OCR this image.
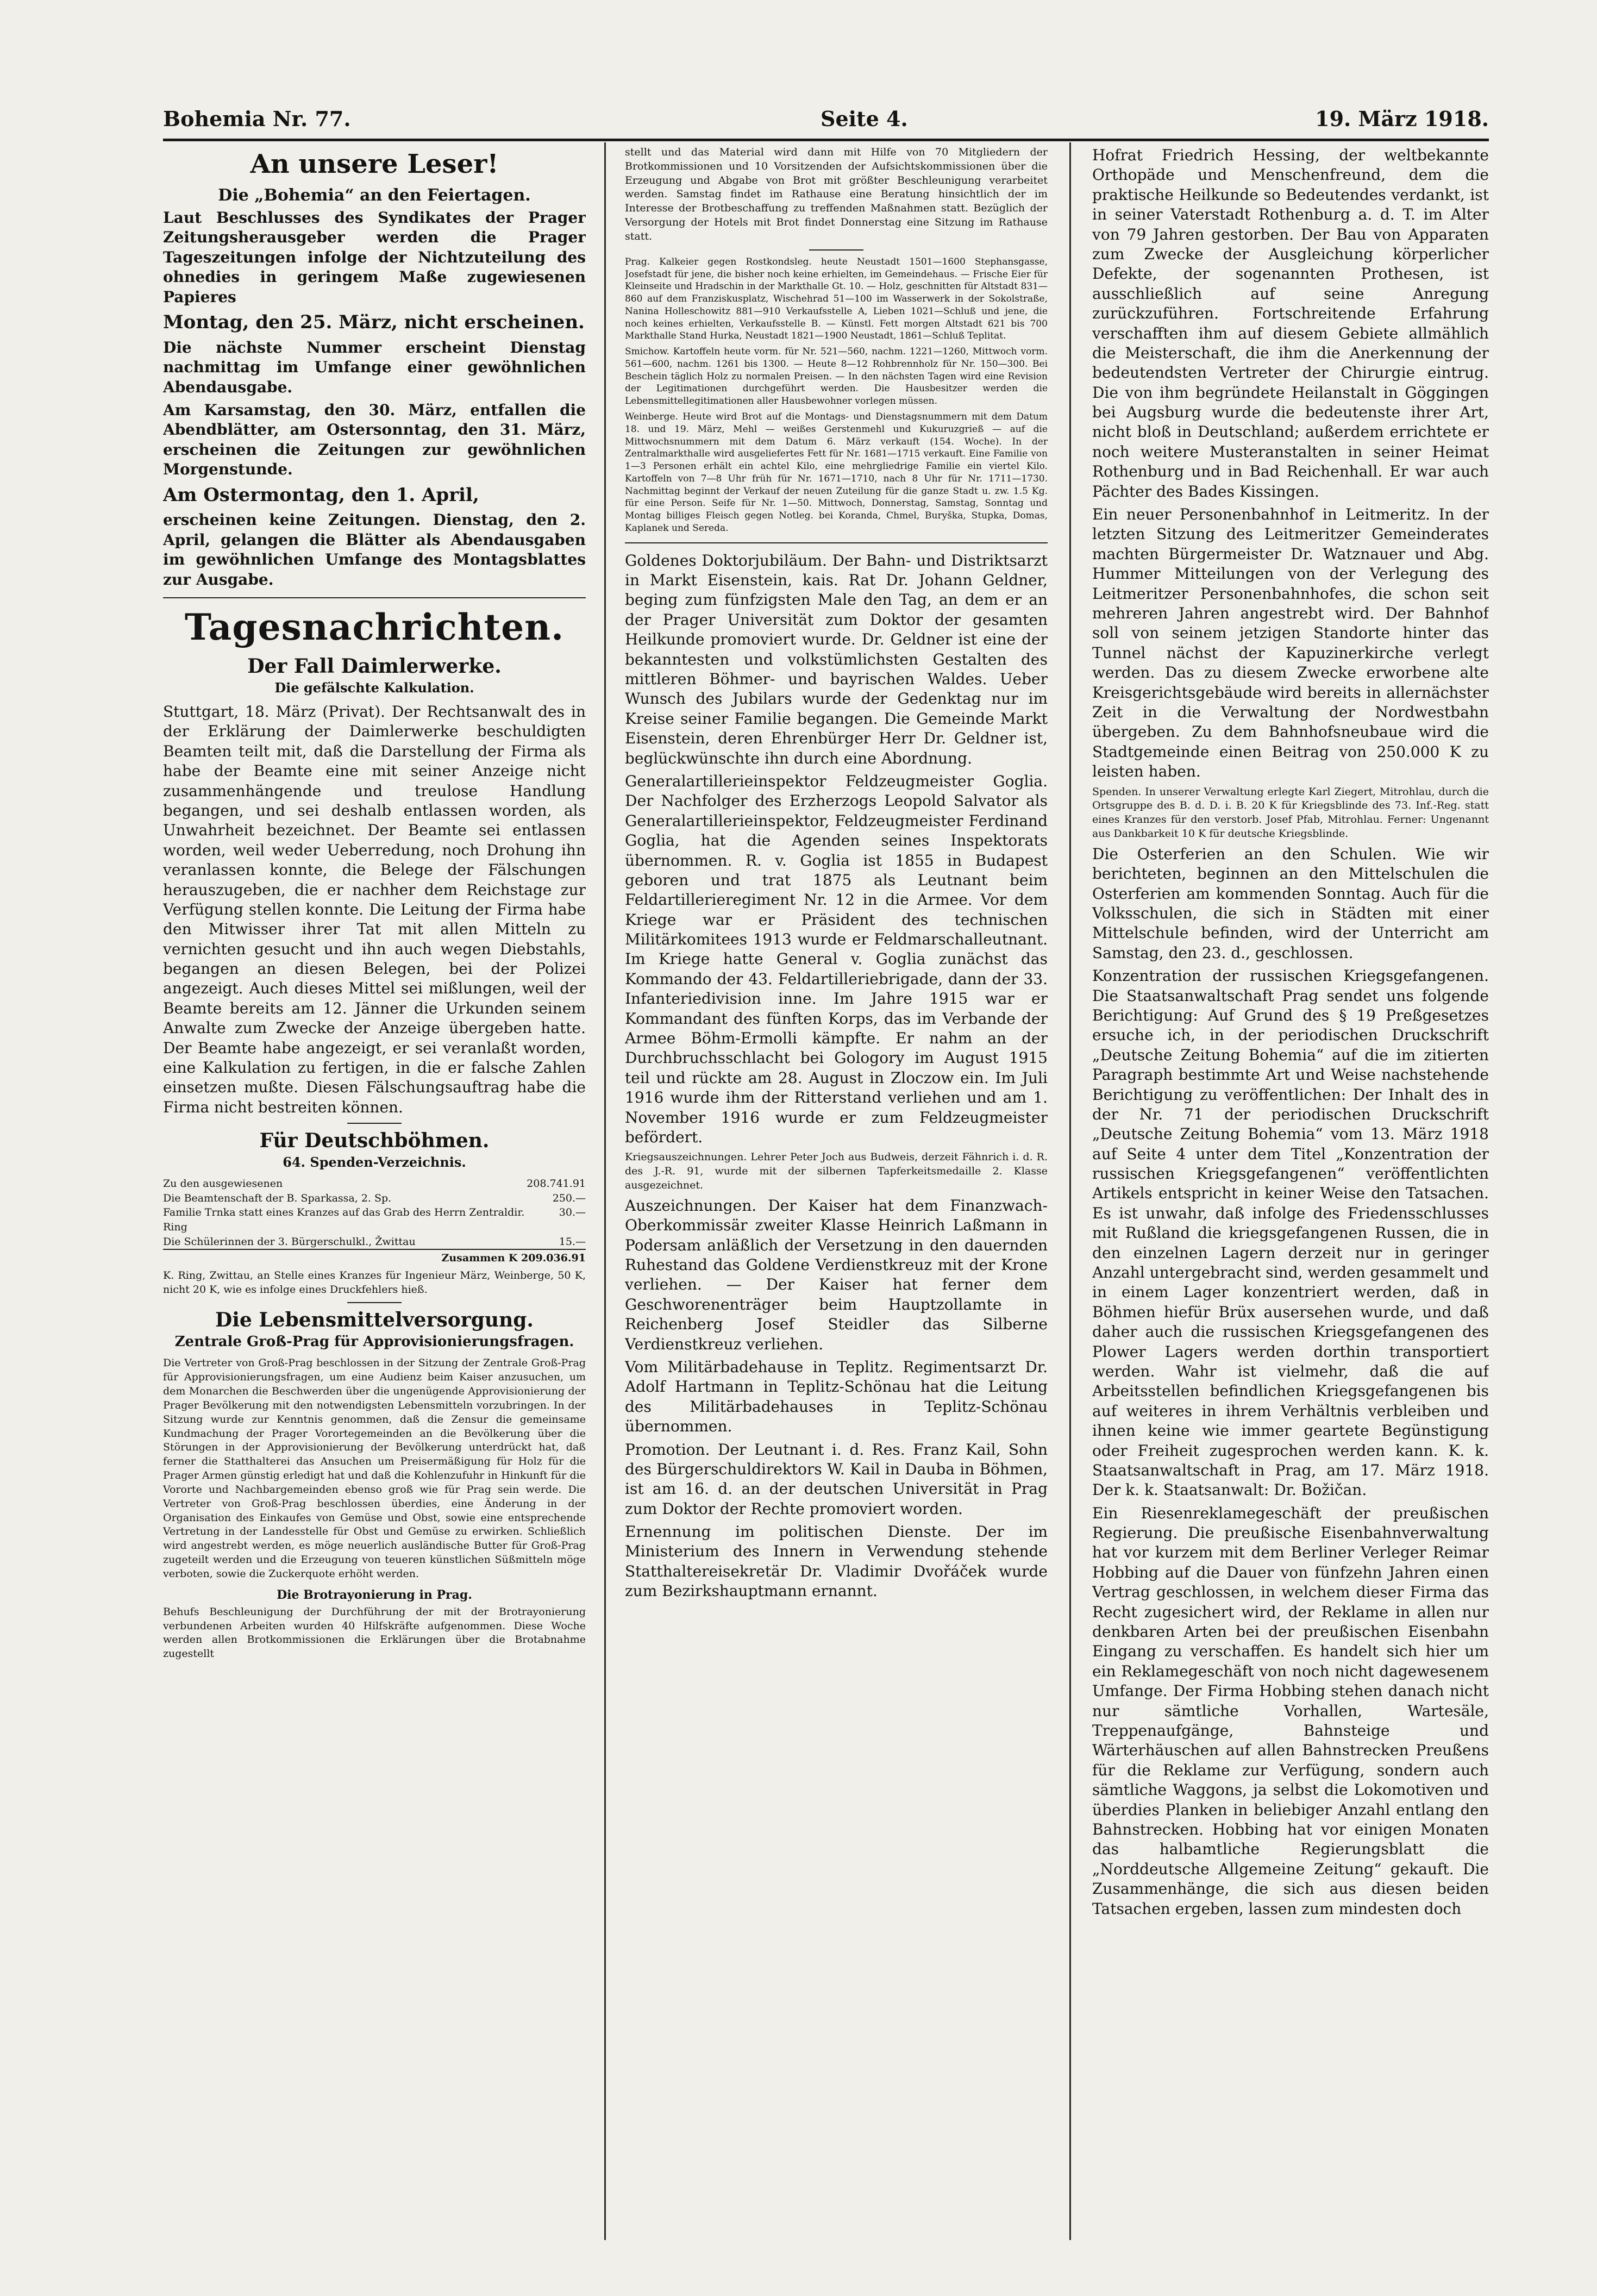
Bohemia Nr. 77.	Seite 4.	19. März 1918.
An unsere Leser!
Die „Bohemia“ an den Feiertagen.

Laut Beschlusses des Syndikates der Prager Zeitungsherausgeber werden die Prager Tageszeitungen infolge der Nichtzuteilung des ohnedies in geringem Maße zugewiesenen Papieres

Montag, den 25. März, nicht erscheinen.

Die nächste Nummer erscheint Dienstag nachmittag im Umfange einer gewöhnlichen Abendausgabe.

Am Karsamstag, den 30. März, entfallen die Abendblätter, am Ostersonntag, den 31. März, erscheinen die Zeitungen zur gewöhnlichen Morgenstunde.

Am Ostermontag, den 1. April,

erscheinen keine Zeitungen. Dienstag, den 2. April, gelangen die Blätter als Abendausgaben im gewöhnlichen Umfange des Montagsblattes zur Ausgabe.

Tagesnachrichten.
Der Fall Daimlerwerke.
Die gefälschte Kalkulation.

Stuttgart, 18. März (Privat). Der Rechtsanwalt des in der Erklärung der Daimlerwerke beschuldigten Beamten teilt mit, daß die Darstellung der Firma als habe der Beamte eine mit seiner Anzeige nicht zusammenhängende und treulose Handlung begangen, und sei deshalb entlassen worden, als Unwahrheit bezeichnet. Der Beamte sei entlassen worden, weil weder Ueberredung, noch Drohung ihn veranlassen konnte, die Belege der Fälschungen herauszugeben, die er nachher dem Reichstage zur Verfügung stellen konnte. Die Leitung der Firma habe den Mitwisser ihrer Tat mit allen Mitteln zu vernichten gesucht und ihn auch wegen Diebstahls, begangen an diesen Belegen, bei der Polizei angezeigt. Auch dieses Mittel sei mißlungen, weil der Beamte bereits am 12. Jänner die Urkunden seinem Anwalte zum Zwecke der Anzeige übergeben hatte. Der Beamte habe angezeigt, er sei veranlaßt worden, eine Kalkulation zu fertigen, in die er falsche Zahlen einsetzen mußte. Diesen Fälschungsauftrag habe die Firma nicht bestreiten können.

Für Deutschböhmen.
64. Spenden-Verzeichnis.
Zu den ausgewiesenen	208.741.91
Die Beamtenschaft der B. Sparkassa, 2. Sp.	250.—
Familie Trnka statt eines Kranzes auf das Grab des Herrn Zentraldir. Ring
30.—
Die Schülerinnen der 3. Bürgerschulkl., Žwittau	15.—
Zusammen K 209.036.91

K. Ring, Zwittau, an Stelle eines Kranzes für Ingenieur März, Weinberge, 50 K, nicht 20 K, wie es infolge eines Druckfehlers hieß.

Die Lebensmittelversorgung.
Zentrale Groß-Prag für Approvisionierungsfragen.

Die Vertreter von Groß-Prag beschlossen in der Sitzung der Zentrale Groß-Prag für Approvisionierungsfragen, um eine Audienz beim Kaiser anzusuchen, um dem Monarchen die Beschwerden über die ungenügende Approvisionierung der Prager Bevölkerung mit den notwendigsten Lebensmitteln vorzubringen. In der Sitzung wurde zur Kenntnis genommen, daß die Zensur die gemeinsame Kundmachung der Prager Vorortegemeinden an die Bevölkerung über die Störungen in der Approvisionierung der Bevölkerung unterdrückt hat, daß ferner die Statthalterei das Ansuchen um Preisermäßigung für Holz für die Prager Armen günstig erledigt hat und daß die Kohlenzufuhr in Hinkunft für die Vororte und Nachbargemeinden ebenso groß wie für Prag sein werde. Die Vertreter von Groß-Prag beschlossen überdies, eine Änderung in der Organisation des Einkaufes von Gemüse und Obst, sowie eine entsprechende Vertretung in der Landesstelle für Obst und Gemüse zu erwirken. Schließlich wird angestrebt werden, es möge neuerlich ausländische Butter für Groß-Prag zugeteilt werden und die Erzeugung von teueren künstlichen Süßmitteln möge verboten, sowie die Zuckerquote erhöht werden.

Die Brotrayonierung in Prag.

Behufs Beschleunigung der Durchführung der mit der Brotrayonierung verbundenen Arbeiten wurden 40 Hilfskräfte aufgenommen. Diese Woche werden allen Brotkommissionen die Erklärungen über die Brotabnahme zugestellt

stellt und das Material wird dann mit Hilfe von 70 Mitgliedern der Brotkommissionen und 10 Vorsitzenden der Aufsichtskommissionen über die Erzeugung und Abgabe von Brot mit größter Beschleunigung verarbeitet werden. Samstag findet im Rathause eine Beratung hinsichtlich der im Interesse der Brotbeschaffung zu treffenden Maßnahmen statt. Bezüglich der Versorgung der Hotels mit Brot findet Donnerstag eine Sitzung im Rathause statt.

Prag. Kalkeier gegen Rostkondsleg. heute Neustadt 1501—1600 Stephansgasse, Josefstadt für jene, die bisher noch keine erhielten, im Gemeindehaus. — Frische Eier für Kleinseite und Hradschin in der Markthalle Gt. 10. — Holz, geschnitten für Altstadt 831—860 auf dem Franziskusplatz, Wischehrad 51—100 im Wasserwerk in der Sokolstraße, Nanina Holleschowitz 881—910 Verkaufsstelle A, Lieben 1021—Schluß und jene, die noch keines erhielten, Verkaufsstelle B. — Künstl. Fett morgen Altstadt 621 bis 700 Markthalle Stand Hurka, Neustadt 1821—1900 Neustadt, 1861—Schluß Teplitat.

Smichow. Kartoffeln heute vorm. für Nr. 521—560, nachm. 1221—1260, Mittwoch vorm. 561—600, nachm. 1261 bis 1300. — Heute 8—12 Rohbrennholz für Nr. 150—300. Bei Beschein täglich Holz zu normalen Preisen. — In den nächsten Tagen wird eine Revision der Legitimationen durchgeführt werden. Die Hausbesitzer werden die Lebensmittellegitimationen aller Hausbewohner vorlegen müssen.

Weinberge. Heute wird Brot auf die Montags- und Dienstagsnummern mit dem Datum 18. und 19. März, Mehl — weißes Gerstenmehl und Kukuruzgrieß — auf die Mittwochsnummern mit dem Datum 6. März verkauft (154. Woche). In der Zentralmarkthalle wird ausgeliefertes Fett für Nr. 1681—1715 verkauft. Eine Familie von 1—3 Personen erhält ein achtel Kilo, eine mehrgliedrige Familie ein viertel Kilo. Kartoffeln von 7—8 Uhr früh für Nr. 1671—1710, nach 8 Uhr für Nr. 1711—1730. Nachmittag beginnt der Verkauf der neuen Zuteilung für die ganze Stadt u. zw. 1.5 Kg. für eine Person. Seife für Nr. 1—50. Mittwoch, Donnerstag, Samstag, Sonntag und Montag billiges Fleisch gegen Notleg. bei Koranda, Chmel, Buryška, Stupka, Domas, Kaplanek und Sereda.

Goldenes Doktorjubiläum. Der Bahn- und Distriktsarzt in Markt Eisenstein, kais. Rat Dr. Johann Geldner, beging zum fünfzigsten Male den Tag, an dem er an der Prager Universität zum Doktor der gesamten Heilkunde promoviert wurde. Dr. Geldner ist eine der bekanntesten und volkstümlichsten Gestalten des mittleren Böhmer- und bayrischen Waldes. Ueber Wunsch des Jubilars wurde der Gedenktag nur im Kreise seiner Familie begangen. Die Gemeinde Markt Eisenstein, deren Ehrenbürger Herr Dr. Geldner ist, beglückwünschte ihn durch eine Abordnung.

Generalartillerieinspektor Feldzeugmeister Goglia. Der Nachfolger des Erzherzogs Leopold Salvator als Generalartillerieinspektor, Feldzeugmeister Ferdinand Goglia, hat die Agenden seines Inspektorats übernommen. R. v. Goglia ist 1855 in Budapest geboren und trat 1875 als Leutnant beim Feldartillerieregiment Nr. 12 in die Armee. Vor dem Kriege war er Präsident des technischen Militärkomitees 1913 wurde er Feldmarschalleutnant. Im Kriege hatte General v. Goglia zunächst das Kommando der 43. Feldartilleriebrigade, dann der 33. Infanteriedivision inne. Im Jahre 1915 war er Kommandant des fünften Korps, das im Verbande der Armee Böhm-Ermolli kämpfte. Er nahm an der Durchbruchsschlacht bei Gologory im August 1915 teil und rückte am 28. August in Zloczow ein. Im Juli 1916 wurde ihm der Ritterstand verliehen und am 1. November 1916 wurde er zum Feldzeugmeister befördert.

Kriegsauszeichnungen. Lehrer Peter Joch aus Budweis, derzeit Fähnrich i. d. R. des J.-R. 91, wurde mit der silbernen Tapferkeitsmedaille 2. Klasse ausgezeichnet.

Auszeichnungen. Der Kaiser hat dem Finanzwach-Oberkommissär zweiter Klasse Heinrich Laßmann in Podersam anläßlich der Versetzung in den dauernden Ruhestand das Goldene Verdienstkreuz mit der Krone verliehen. — Der Kaiser hat ferner dem Geschworenenträger beim Hauptzollamte in Reichenberg Josef Steidler das Silberne Verdienstkreuz verliehen.

Vom Militärbadehause in Teplitz. Regimentsarzt Dr. Adolf Hartmann in Teplitz-Schönau hat die Leitung des Militärbadehauses in Teplitz-Schönau übernommen.

Promotion. Der Leutnant i. d. Res. Franz Kail, Sohn des Bürgerschuldirektors W. Kail in Dauba in Böhmen, ist am 16. d. an der deutschen Universität in Prag zum Doktor der Rechte promoviert worden.

Ernennung im politischen Dienste. Der im Ministerium des Innern in Verwendung stehende Statthaltereisekretär Dr. Vladimir Dvořáček wurde zum Bezirkshauptmann ernannt.

Hofrat Friedrich Hessing, der weltbekannte Orthopäde und Menschenfreund, dem die praktische Heilkunde so Bedeutendes verdankt, ist in seiner Vaterstadt Rothenburg a. d. T. im Alter von 79 Jahren gestorben. Der Bau von Apparaten zum Zwecke der Ausgleichung körperlicher Defekte, der sogenannten Prothesen, ist ausschließlich auf seine Anregung zurückzuführen. Fortschreitende Erfahrung verschafften ihm auf diesem Gebiete allmählich die Meisterschaft, die ihm die Anerkennung der bedeutendsten Vertreter der Chirurgie eintrug. Die von ihm begründete Heilanstalt in Göggingen bei Augsburg wurde die bedeutenste ihrer Art, nicht bloß in Deutschland; außerdem errichtete er noch weitere Musteranstalten in seiner Heimat Rothenburg und in Bad Reichenhall. Er war auch Pächter des Bades Kissingen.

Ein neuer Personenbahnhof in Leitmeritz. In der letzten Sitzung des Leitmeritzer Gemeinderates machten Bürgermeister Dr. Watznauer und Abg. Hummer Mitteilungen von der Verlegung des Leitmeritzer Personenbahnhofes, die schon seit mehreren Jahren angestrebt wird. Der Bahnhof soll von seinem jetzigen Standorte hinter das Tunnel nächst der Kapuzinerkirche verlegt werden. Das zu diesem Zwecke erworbene alte Kreisgerichtsgebäude wird bereits in allernächster Zeit in die Verwaltung der Nordwestbahn übergeben. Zu dem Bahnhofsneubaue wird die Stadtgemeinde einen Beitrag von 250.000 K zu leisten haben.

Spenden. In unserer Verwaltung erlegte Karl Ziegert, Mitrohlau, durch die Ortsgruppe des B. d. D. i. B. 20 K für Kriegsblinde des 73. Inf.-Reg. statt eines Kranzes für den verstorb. Josef Pfab, Mitrohlau. Ferner: Ungenannt aus Dankbarkeit 10 K für deutsche Kriegsblinde.

Die Osterferien an den Schulen. Wie wir berichteten, beginnen an den Mittelschulen die Osterferien am kommenden Sonntag. Auch für die Volksschulen, die sich in Städten mit einer Mittelschule befinden, wird der Unterricht am Samstag, den 23. d., geschlossen.

Konzentration der russischen Kriegsgefangenen. Die Staatsanwaltschaft Prag sendet uns folgende Berichtigung: Auf Grund des § 19 Preßgesetzes ersuche ich, in der periodischen Druckschrift „Deutsche Zeitung Bohemia“ auf die im zitierten Paragraph bestimmte Art und Weise nachstehende Berichtigung zu veröffentlichen: Der Inhalt des in der Nr. 71 der periodischen Druckschrift „Deutsche Zeitung Bohemia“ vom 13. März 1918 auf Seite 4 unter dem Titel „Konzentration der russischen Kriegsgefangenen“ veröffentlichten Artikels entspricht in keiner Weise den Tatsachen. Es ist unwahr, daß infolge des Friedensschlusses mit Rußland die kriegsgefangenen Russen, die in den einzelnen Lagern derzeit nur in geringer Anzahl untergebracht sind, werden gesammelt und in einem Lager konzentriert werden, daß in Böhmen hiefür Brüx ausersehen wurde, und daß daher auch die russischen Kriegsgefangenen des Plower Lagers werden dorthin transportiert werden. Wahr ist vielmehr, daß die auf Arbeitsstellen befindlichen Kriegsgefangenen bis auf weiteres in ihrem Verhältnis verbleiben und ihnen keine wie immer geartete Begünstigung oder Freiheit zugesprochen werden kann. K. k. Staatsanwaltschaft in Prag, am 17. März 1918. Der k. k. Staatsanwalt: Dr. Božičan.

Ein Riesenreklamegeschäft der preußischen Regierung. Die preußische Eisenbahnverwaltung hat vor kurzem mit dem Berliner Verleger Reimar Hobbing auf die Dauer von fünfzehn Jahren einen Vertrag geschlossen, in welchem dieser Firma das Recht zugesichert wird, der Reklame in allen nur denkbaren Arten bei der preußischen Eisenbahn Eingang zu verschaffen. Es handelt sich hier um ein Reklamegeschäft von noch nicht dagewesenem Umfange. Der Firma Hobbing stehen danach nicht nur sämtliche Vorhallen, Wartesäle, Treppenaufgänge, Bahnsteige und Wärterhäuschen auf allen Bahnstrecken Preußens für die Reklame zur Verfügung, sondern auch sämtliche Waggons, ja selbst die Lokomotiven und überdies Planken in beliebiger Anzahl entlang den Bahnstrecken. Hobbing hat vor einigen Monaten das halbamtliche Regierungsblatt die „Norddeutsche Allgemeine Zeitung“ gekauft. Die Zusammenhänge, die sich aus diesen beiden Tatsachen ergeben, lassen zum mindesten doch
